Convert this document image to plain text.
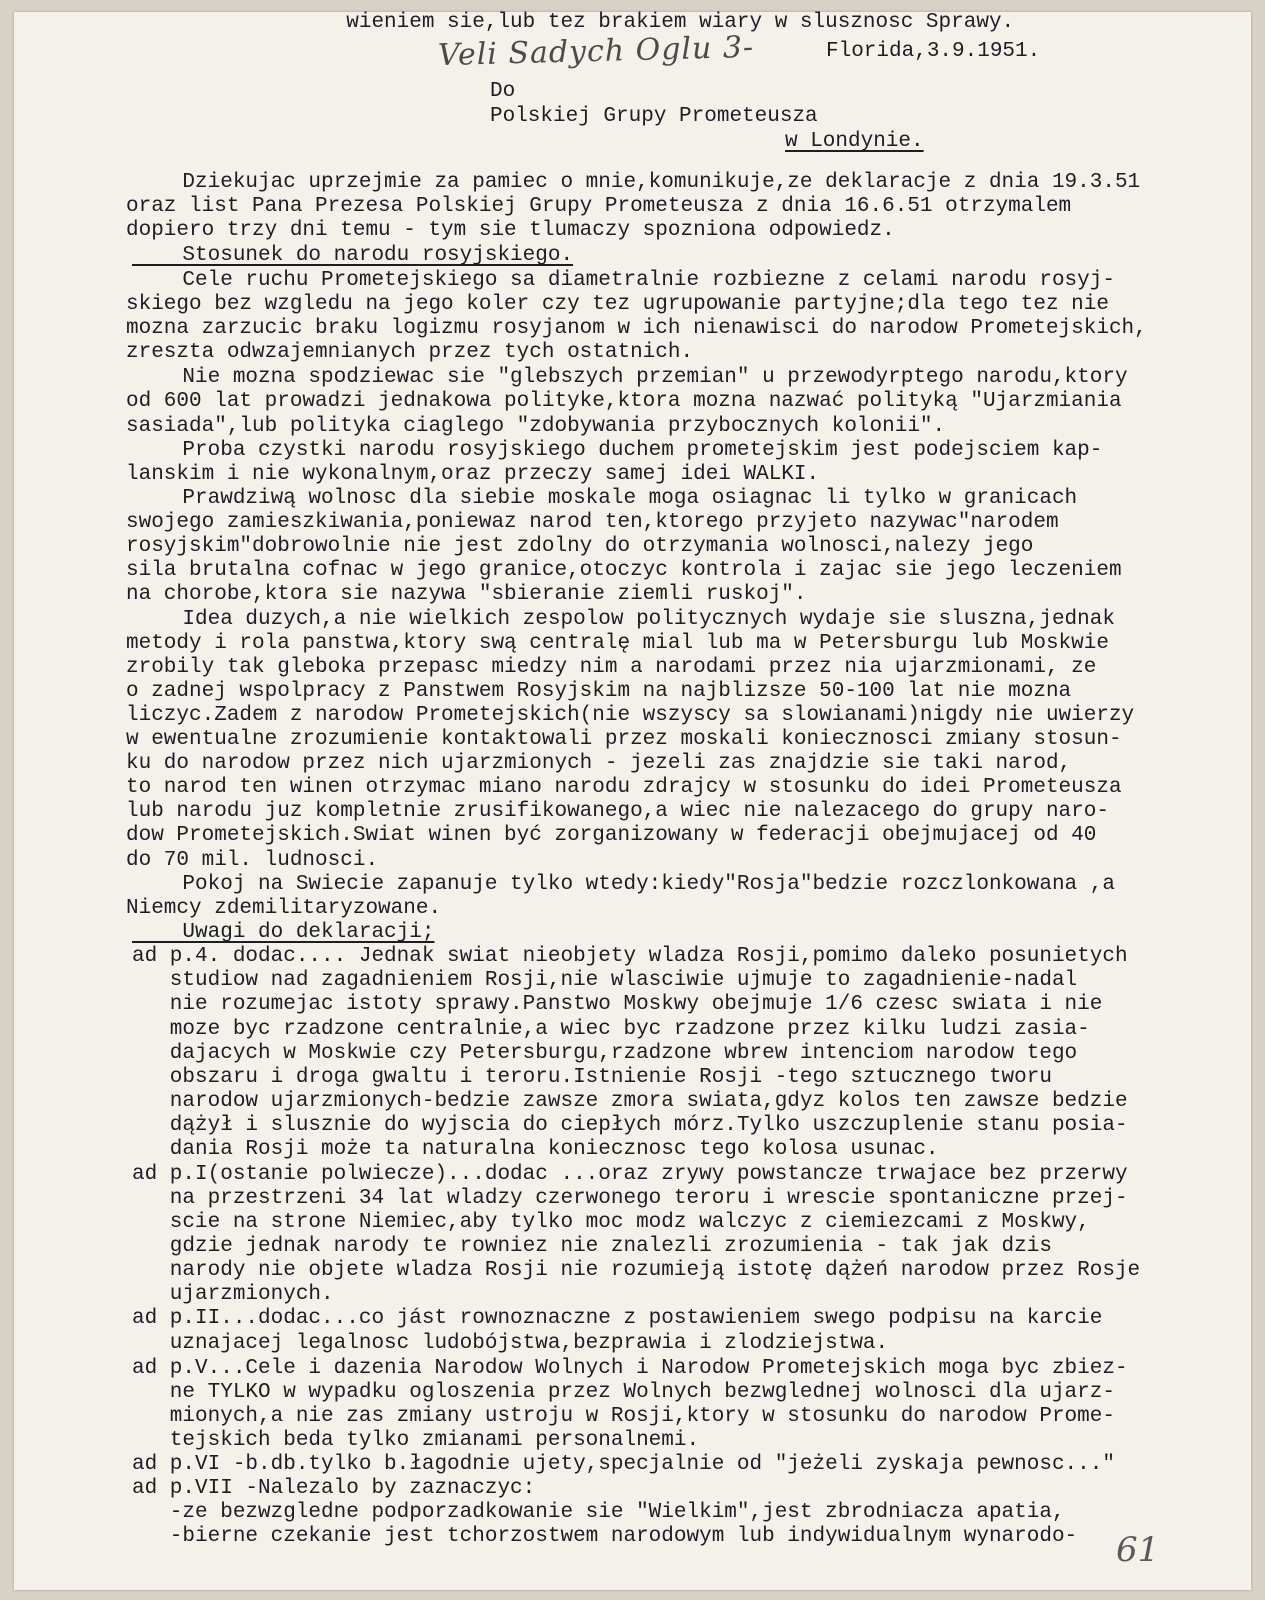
Veli Sadych Oglu 3-	Florida,3.9.1951.
Do
Polskiej Grupy Prometeusza
w Londynie.
Dziekujac uprzejmie za pamiec o mnie,komunikuje,ze deklaracje z dnia 19.3.51
oraz list Pana Prezesa Polskiej Grupy Prometeusza z dnia 16.6.51 otrzymalem
dopiero trzy dni temu - tym sie tlumaczy spozniona odpowiedz.
Stosunek do narodu rosyjskiego.
Cele ruchu Prometejskiego sa diametralnie rozbiezne z celami narodu rosyj-
skiego bez wzgledu na jego koler czy tez ugrupowanie partyjne;dla tego tez nie
mozna zarzucic braku logizmu rosyjanom w ich nienawisci do narodow Prometejskich,
zreszta odwzajemnianych przez tych ostatnich.
Nie mozna spodziewac sie "glebszych przemian" u przewodyrptego narodu,ktory
od 600 lat prowadzi jednakowa polityke,ktora mozna nazwać polityką "Ujarzmiania
sasiada",lub polityka ciaglego "zdobywania przybocznych kolonii".
Proba czystki narodu rosyjskiego duchem prometejskim jest podejsciem kap-
lanskim i nie wykonalnym,oraz przeczy samej idei WALKI.
Prawdziwą wolnosc dla siebie moskale moga osiagnac li tylko w granicach
swojego zamieszkiwania,poniewaz narod ten,ktorego przyjeto nazywac"narodem
rosyjskim"dobrowolnie nie jest zdolny do otrzymania wolnosci,nalezy jego
sila brutalna cofnac w jego granice,otoczyc kontrola i zajac sie jego leczeniem
na chorobe,ktora sie nazywa "sbieranie ziemli ruskoj".
Idea duzych,a nie wielkich zespolow politycznych wydaje sie sluszna,jednak
metody i rola panstwa,ktory swą centralę mial lub ma w Petersburgu lub Moskwie
zrobily tak gleboka przepasc miedzy nim a narodami przez nia ujarzmionami, ze
o zadnej wspolpracy z Panstwem Rosyjskim na najblizsze 50-100 lat nie mozna
liczyc.Zadem z narodow Prometejskich(nie wszyscy sa slowianami)nigdy nie uwierzy
w ewentualne zrozumienie kontaktowali przez moskali koniecznosci zmiany stosun-
ku do narodow przez nich ujarzmionych - jezeli zas znajdzie sie taki narod,
to narod ten winen otrzymac miano narodu zdrajcy w stosunku do idei Prometeusza
lub narodu juz kompletnie zrusifikowanego,a wiec nie nalezacego do grupy naro-
dow Prometejskich.Swiat winen być zorganizowany w federacji obejmujacej od 40
do 70 mil. ludnosci.
Pokoj na Swiecie zapanuje tylko wtedy:kiedy"Rosja"bedzie rozczlonkowana ,a
Niemcy zdemilitaryzowane.
Uwagi do deklaracji;
ad p.4. dodac.... Jednak swiat nieobjety wladza Rosji,pomimo daleko posunietych
studiow nad zagadnieniem Rosji,nie wlasciwie ujmuje to zagadnienie-nadal
nie rozumejac istoty sprawy.Panstwo Moskwy obejmuje 1/6 czesc swiata i nie
moze byc rzadzone centralnie,a wiec byc rzadzone przez kilku ludzi zasia-
dajacych w Moskwie czy Petersburgu,rzadzone wbrew intenciom narodow tego
obszaru i droga gwaltu i teroru.Istnienie Rosji -tego sztucznego tworu
narodow ujarzmionych-bedzie zawsze zmora swiata,gdyz kolos ten zawsze bedzie
dążył i slusznie do wyjscia do ciepłych mórz.Tylko uszczuplenie stanu posia-
dania Rosji może ta naturalna koniecznosc tego kolosa usunac.
ad p.I(ostanie polwiecze)...dodac ...oraz zrywy powstancze trwajace bez przerwy
na przestrzeni 34 lat wladzy czerwonego teroru i wrescie spontaniczne przej-
scie na strone Niemiec,aby tylko moc modz walczyc z ciemiezcami z Moskwy,
gdzie jednak narody te rowniez nie znalezli zrozumienia - tak jak dzis
narody nie objete wladza Rosji nie rozumieją istotę dążeń narodow przez Rosje
ujarzmionych.
ad p.II...dodac...co jást rownoznaczne z postawieniem swego podpisu na karcie
uznajacej legalnosc ludobójstwa,bezprawia i zlodziejstwa.
ad p.V...Cele i dazenia Narodow Wolnych i Narodow Prometejskich moga byc zbiez-
ne TYLKO w wypadku ogloszenia przez Wolnych bezwglednej wolnosci dla ujarz-
mionych,a nie zas zmiany ustroju w Rosji,ktory w stosunku do narodow Prome-
tejskich beda tylko zmianami personalnemi.
ad p.VI -b.db.tylko b.łagodnie ujety,specjalnie od "jeżeli zyskaja pewnosc..."
ad p.VII -Nalezalo by zaznaczyc:
-ze bezwzgledne podporzadkowanie sie "Wielkim",jest zbrodniacza apatia,
-bierne czekanie jest tchorzostwem narodowym lub indywidualnym wynarodo-
wieniem sie,lub tez brakiem wiary w slusznosc Sprawy.
61
